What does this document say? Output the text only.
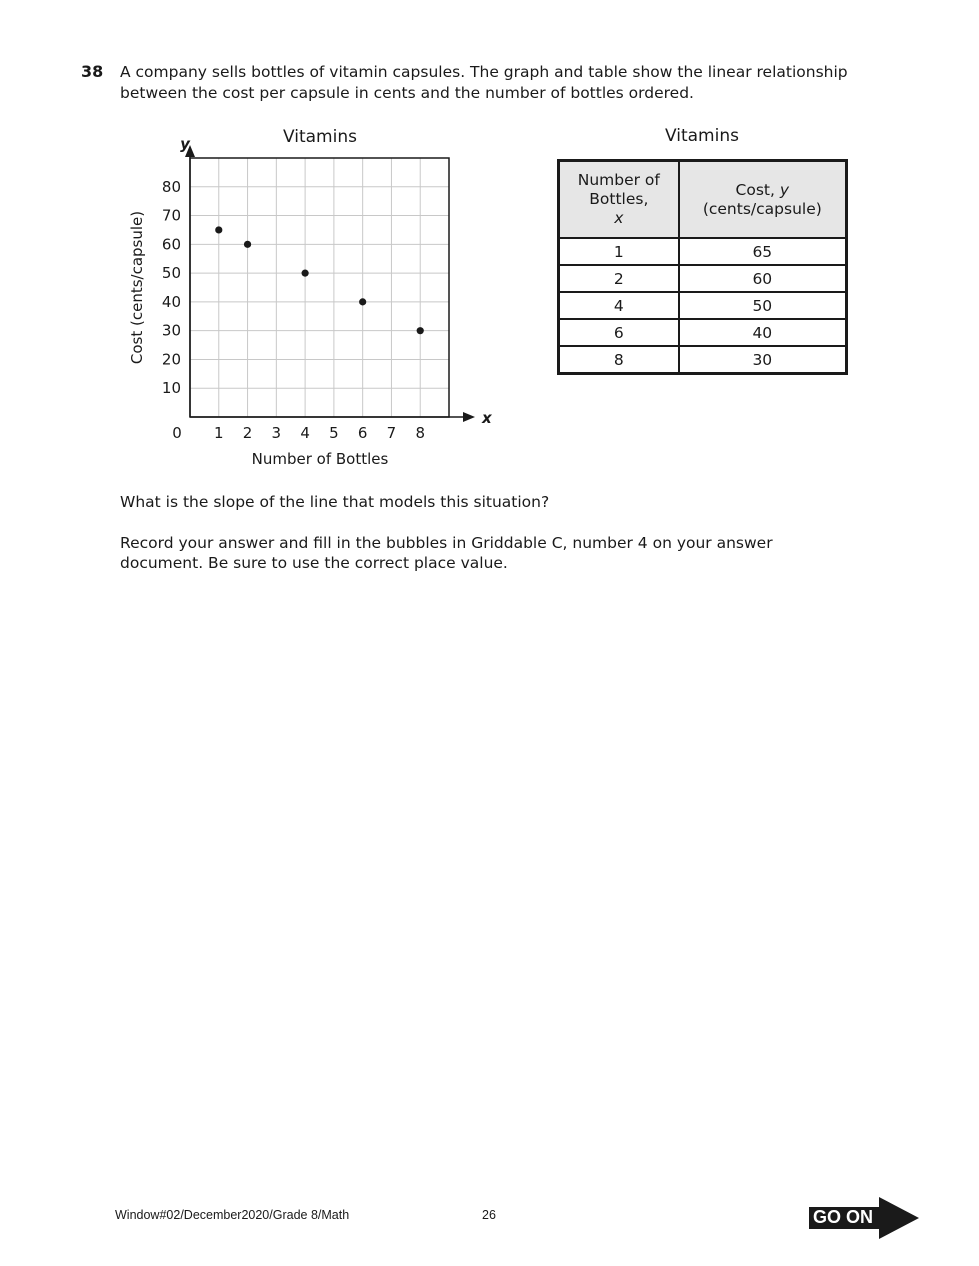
38 A company sells bottles of vitamin capsules. The graph and table show the linear relationship between the cost per capsule in cents and the number of bottles ordered.
x
y	Vitamins
1 2 3 4 5 6 7 8
10
20
30
40
50
60
70
80
0
Number of Bottles
Cost (cents/capsule)
Vitamins
Number of
Bottles,
x	Cost, y
(cents/capsule)
1	65
2	60
4	50
6	40
8	30
What is the slope of the line that models this situation?
Record your answer and fill in the bubbles in Griddable C, number 4 on your answer document. Be sure to use the correct place value.
Window#02/December2020/Grade 8/Math	26	GO ON
